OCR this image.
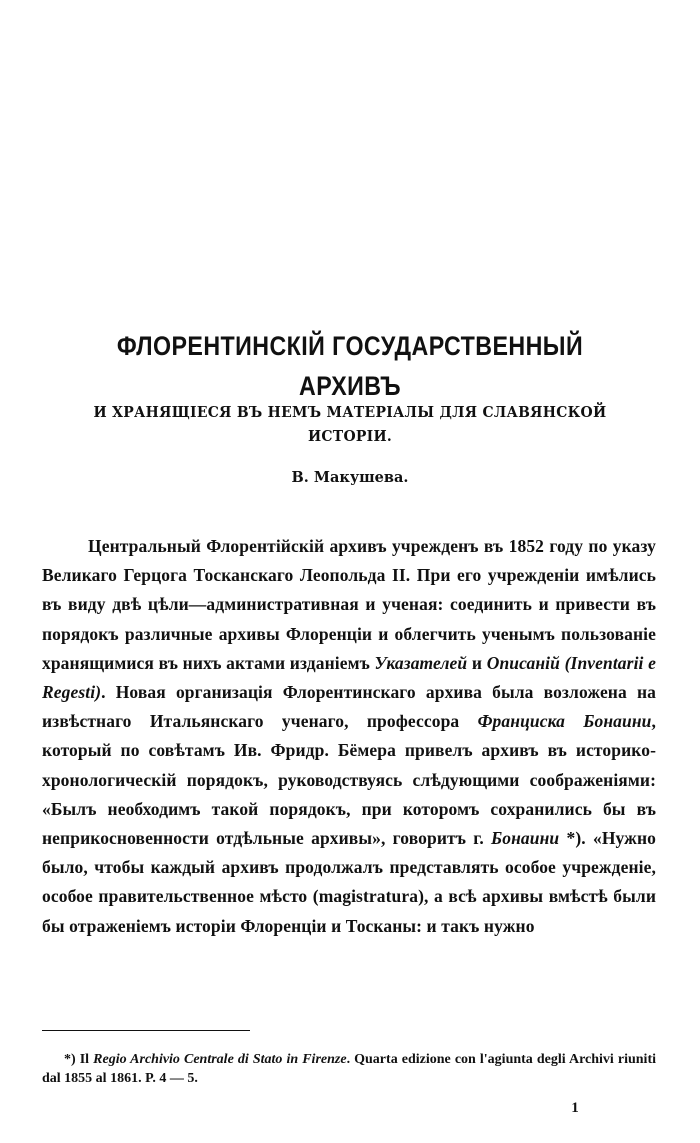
ФЛОРЕНТИНСКІЙ ГОСУДАРСТВЕННЫЙ АРХИВЪ
И ХРАНЯЩІЕСЯ ВЪ НЕМЪ МАТЕРІАЛЫ ДЛЯ СЛАВЯНСКОЙ ИСТОРІИ.
В. Макушева.

Центральный Флорентійскій архивъ учрежденъ въ 1852 году по указу Великаго Герцога Тосканскаго Леопольда II. При его учрежденіи имѣлись въ виду двѣ цѣли—административная и ученая: соединить и привести въ порядокъ различные архивы Флоренціи и облегчить ученымъ пользованіе хранящимися въ нихъ актами изданіемъ Указателей и Описаній (Inventarii e Regesti). Новая организація Флорентинскаго архива была возложена на извѣстнаго Итальянскаго ученаго, профессора Франциска Бонаини, который по совѣтамъ Ив. Фридр. Бёмера привелъ архивъ въ историко-хронологическій порядокъ, руководствуясь слѣдующими соображеніями: «Былъ необходимъ такой порядокъ, при которомъ сохранились бы въ неприкосновенности отдѣльные архивы», говоритъ г. Бонаини *). «Нужно было, чтобы каждый архивъ продолжалъ представлять особое учрежденіе, особое правительственное мѣсто (magistratura), а всѣ архивы вмѣстѣ были бы отраженіемъ исторіи Флоренціи и Тосканы: и такъ нужно

*) Il Regio Archivio Centrale di Stato in Firenze. Quarta edizione con l'agiunta degli Archivi riuniti dal 1855 al 1861. P. 4 — 5.

1
